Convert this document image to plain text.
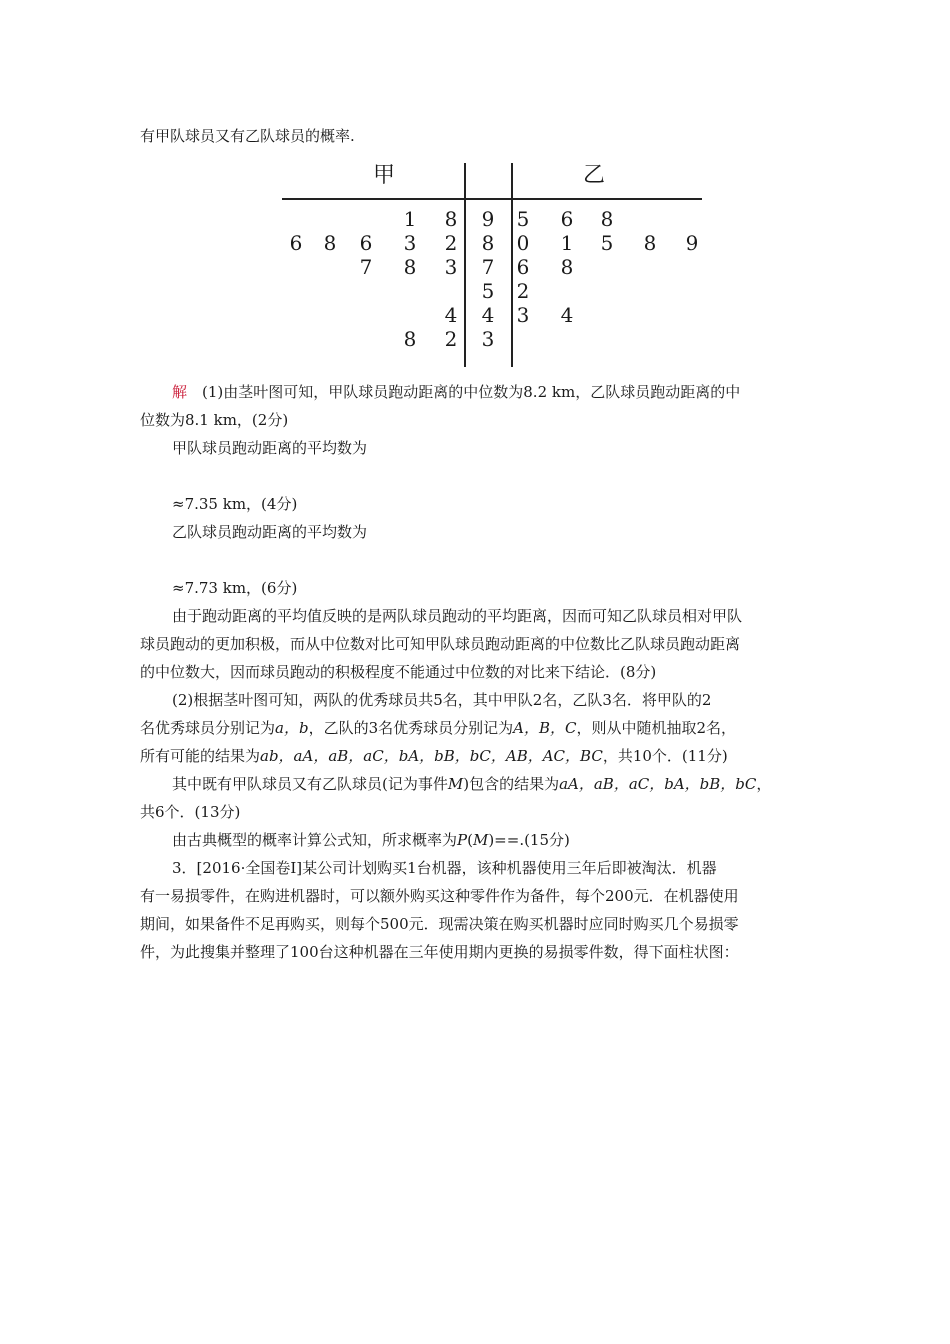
有甲队球员又有乙队球员的概率.
甲	乙
1 8 9 5 6 8
6 8 6 3 2 8 0 1 5 8 9
7 8 3 7 6 8
5 2
4 4 3 4
8 2 3
解  (1)由茎叶图可知，甲队球员跑动距离的中位数为8.2 km，乙队球员跑动距离的中
位数为8.1 km，(2分)
甲队球员跑动距离的平均数为
≈7.35 km，(4分)
乙队球员跑动距离的平均数为
≈7.73 km，(6分)
由于跑动距离的平均值反映的是两队球员跑动的平均距离，因而可知乙队球员相对甲队
球员跑动的更加积极，而从中位数对比可知甲队球员跑动距离的中位数比乙队球员跑动距离
的中位数大，因而球员跑动的积极程度不能通过中位数的对比来下结论．(8分)
(2)根据茎叶图可知，两队的优秀球员共5名，其中甲队2名，乙队3名．将甲队的2
名优秀球员分别记为a，b，乙队的3名优秀球员分别记为A，B，C，则从中随机抽取2名，
所有可能的结果为ab，aA，aB，aC，bA，bB，bC，AB，AC，BC，共10个．(11分)
其中既有甲队球员又有乙队球员(记为事件M)包含的结果为aA，aB，aC，bA，bB，bC，
共6个．(13分)
由古典概型的概率计算公式知，所求概率为P(M)==.(15分)
3．[2016·全国卷Ⅰ]某公司计划购买1台机器，该种机器使用三年后即被淘汰．机器
有一易损零件，在购进机器时，可以额外购买这种零件作为备件，每个200元．在机器使用
期间，如果备件不足再购买，则每个500元．现需决策在购买机器时应同时购买几个易损零
件，为此搜集并整理了100台这种机器在三年使用期内更换的易损零件数，得下面柱状图：
